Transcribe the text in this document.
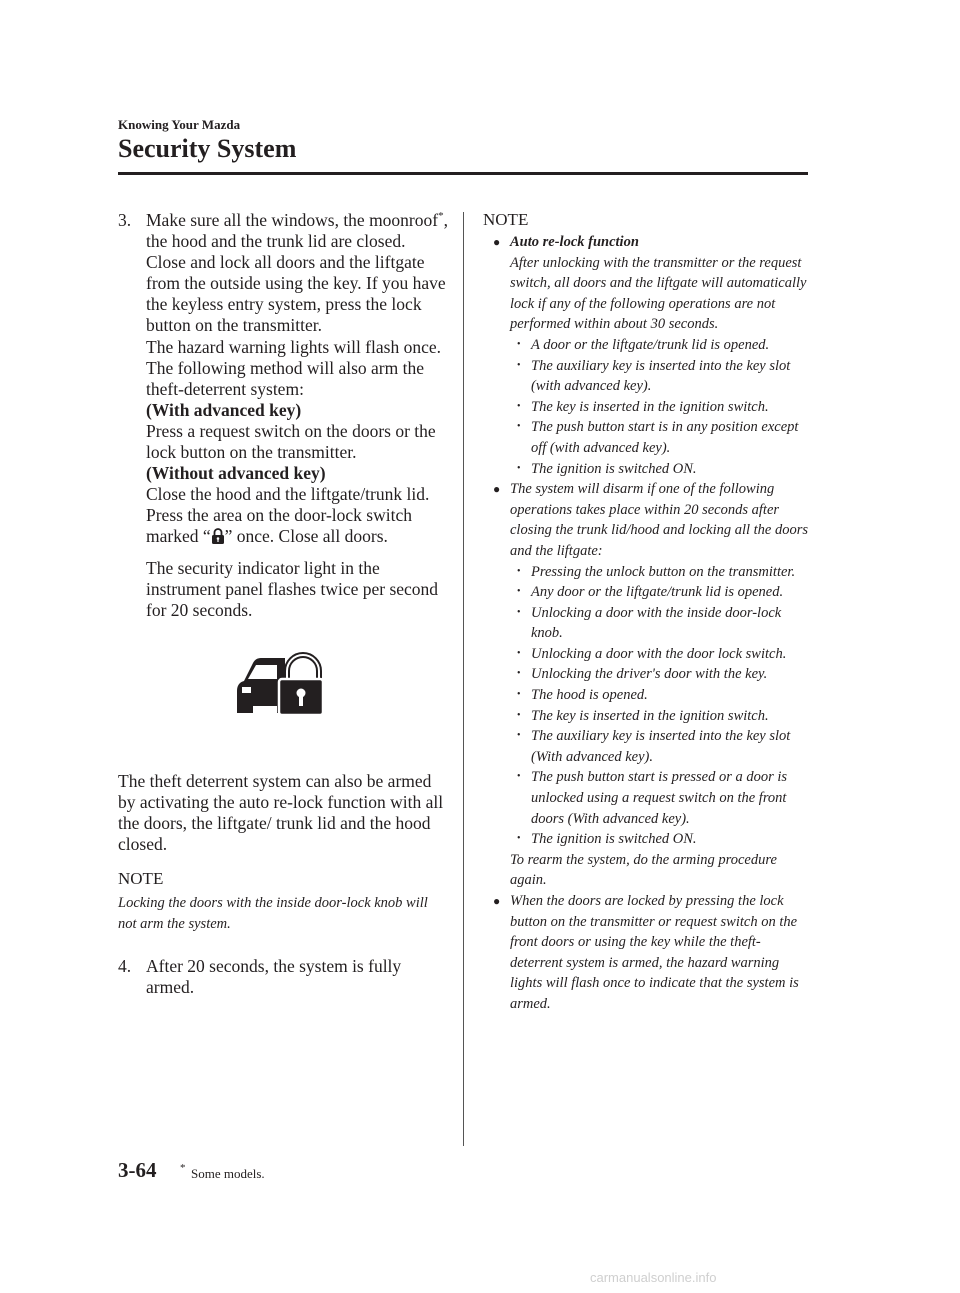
Knowing Your Mazda
Security System
3. Make sure all the windows, the moonroof*, the hood and the trunk lid are closed. Close and lock all doors and the liftgate from the outside using the key. If you have the keyless entry system, press the lock button on the transmitter.

The hazard warning lights will flash once.

The following method will also arm the theft-deterrent system:

(With advanced key)

Press a request switch on the doors or the lock button on the transmitter.

(Without advanced key)

Close the hood and the liftgate/trunk lid. Press the area on the door-lock switch marked “ ” once. Close all doors.

The security indicator light in the instrument panel flashes twice per second for 20 seconds.

The theft deterrent system can also be armed by activating the auto re-lock function with all the doors, the liftgate/ trunk lid and the hood closed.

NOTE

Locking the doors with the inside door-lock knob will not arm the system.

4. After 20 seconds, the system is fully armed.

NOTE
● Auto re-lock function
After unlocking with the transmitter or the request switch, all doors and the liftgate will automatically lock if any of the following operations are not performed within about 30 seconds.
• A door or the liftgate/trunk lid is opened.
• The auxiliary key is inserted into the key slot (with advanced key).
• The key is inserted in the ignition switch.
• The push button start is in any position except off (with advanced key).
• The ignition is switched ON.
● The system will disarm if one of the following operations takes place within 20 seconds after closing the trunk lid/hood and locking all the doors and the liftgate:
• Pressing the unlock button on the transmitter.
• Any door or the liftgate/trunk lid is opened.
• Unlocking a door with the inside door-lock knob.
• Unlocking a door with the door lock switch.
• Unlocking the driver's door with the key.
• The hood is opened.
• The key is inserted in the ignition switch.
• The auxiliary key is inserted into the key slot (With advanced key).
• The push button start is pressed or a door is unlocked using a request switch on the front doors (With advanced key).
• The ignition is switched ON.
To rearm the system, do the arming procedure again.
● When the doors are locked by pressing the lock button on the transmitter or request switch on the front doors or using the key while the theft-deterrent system is armed, the hazard warning lights will flash once to indicate that the system is armed.
3-64 * Some models.
carmanualsonline.info
